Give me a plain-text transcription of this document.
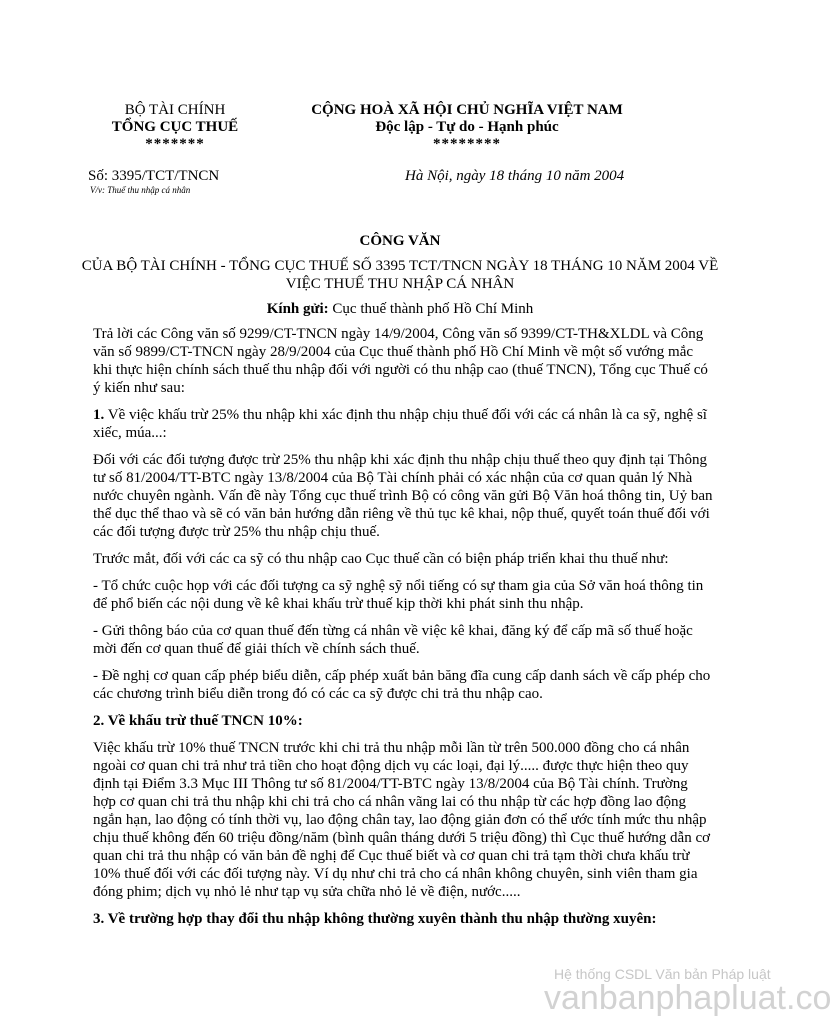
BỘ TÀI CHÍNH
TỔNG CỤC THUẾ
*******
CỘNG HOÀ XÃ HỘI CHỦ NGHĨA VIỆT NAM
Độc lập - Tự do - Hạnh phúc
********
Số: 3395/TCT/TNCN
V/v: Thuế thu nhập cá nhân
Hà Nội, ngày 18 tháng 10 năm 2004
CÔNG VĂN
CỦA BỘ TÀI CHÍNH - TỔNG CỤC THUẾ SỐ 3395 TCT/TNCN NGÀY 18 THÁNG 10 NĂM 2004 VỀ VIỆC THUẾ THU NHẬP CÁ NHÂN
Kính gửi: Cục thuế thành phố Hồ Chí Minh

Trả lời các Công văn số 9299/CT-TNCN ngày 14/9/2004, Công văn số 9399/CT-TH&XLDL và Công văn số 9899/CT-TNCN ngày 28/9/2004 của Cục thuế thành phố Hồ Chí Minh về một số vướng mắc khi thực hiện chính sách thuế thu nhập đối với người có thu nhập cao (thuế TNCN), Tổng cục Thuế có ý kiến như sau:

1. Về việc khấu trừ 25% thu nhập khi xác định thu nhập chịu thuế đối với các cá nhân là ca sỹ, nghệ sĩ xiếc, múa...:

Đối với các đối tượng được trừ 25% thu nhập khi xác định thu nhập chịu thuế theo quy định tại Thông tư số 81/2004/TT-BTC ngày 13/8/2004 của Bộ Tài chính phải có xác nhận của cơ quan quản lý Nhà nước chuyên ngành. Vấn đề này Tổng cục thuế trình Bộ có công văn gửi Bộ Văn hoá thông tin, Uỷ ban thể dục thể thao và sẽ có văn bản hướng dẫn riêng về thủ tục kê khai, nộp thuế, quyết toán thuế đối với các đối tượng được trừ 25% thu nhập chịu thuế.

Trước mắt, đối với các ca sỹ có thu nhập cao Cục thuế cần có biện pháp triển khai thu thuế như:

- Tổ chức cuộc họp với các đối tượng ca sỹ nghệ sỹ nổi tiếng có sự tham gia của Sở văn hoá thông tin để phổ biến các nội dung về kê khai khấu trừ thuế kịp thời khi phát sinh thu nhập.

- Gửi thông báo của cơ quan thuế đến từng cá nhân về việc kê khai, đăng ký để cấp mã số thuế hoặc mời đến cơ quan thuế để giải thích về chính sách thuế.

- Đề nghị cơ quan cấp phép biểu diễn, cấp phép xuất bản băng đĩa cung cấp danh sách về cấp phép cho các chương trình biểu diễn trong đó có các ca sỹ được chi trả thu nhập cao.

2. Về khấu trừ thuế TNCN 10%:

Việc khấu trừ 10% thuế TNCN trước khi chi trả thu nhập mỗi lần từ trên 500.000 đồng cho cá nhân ngoài cơ quan chi trả như trả tiền cho hoạt động dịch vụ các loại, đại lý..... được thực hiện theo quy định tại Điểm 3.3 Mục III Thông tư số 81/2004/TT-BTC ngày 13/8/2004 của Bộ Tài chính. Trường hợp cơ quan chi trả thu nhập khi chi trả cho cá nhân vãng lai có thu nhập từ các hợp đồng lao động ngắn hạn, lao động có tính thời vụ, lao động chân tay, lao động giản đơn có thể ước tính mức thu nhập chịu thuế không đến 60 triệu đồng/năm (bình quân tháng dưới 5 triệu đồng) thì Cục thuế hướng dẫn cơ quan chi trả thu nhập có văn bản đề nghị để Cục thuế biết và cơ quan chi trả tạm thời chưa khấu trừ 10% thuế đối với các đối tượng này. Ví dụ như chi trả cho cá nhân không chuyên, sinh viên tham gia đóng phim; dịch vụ nhỏ lẻ như tạp vụ sửa chữa nhỏ lẻ về điện, nước.....

3. Về trường hợp thay đổi thu nhập không thường xuyên thành thu nhập thường xuyên:

Hệ thống CSDL Văn bản Pháp luật
vanbanphapluat.co
